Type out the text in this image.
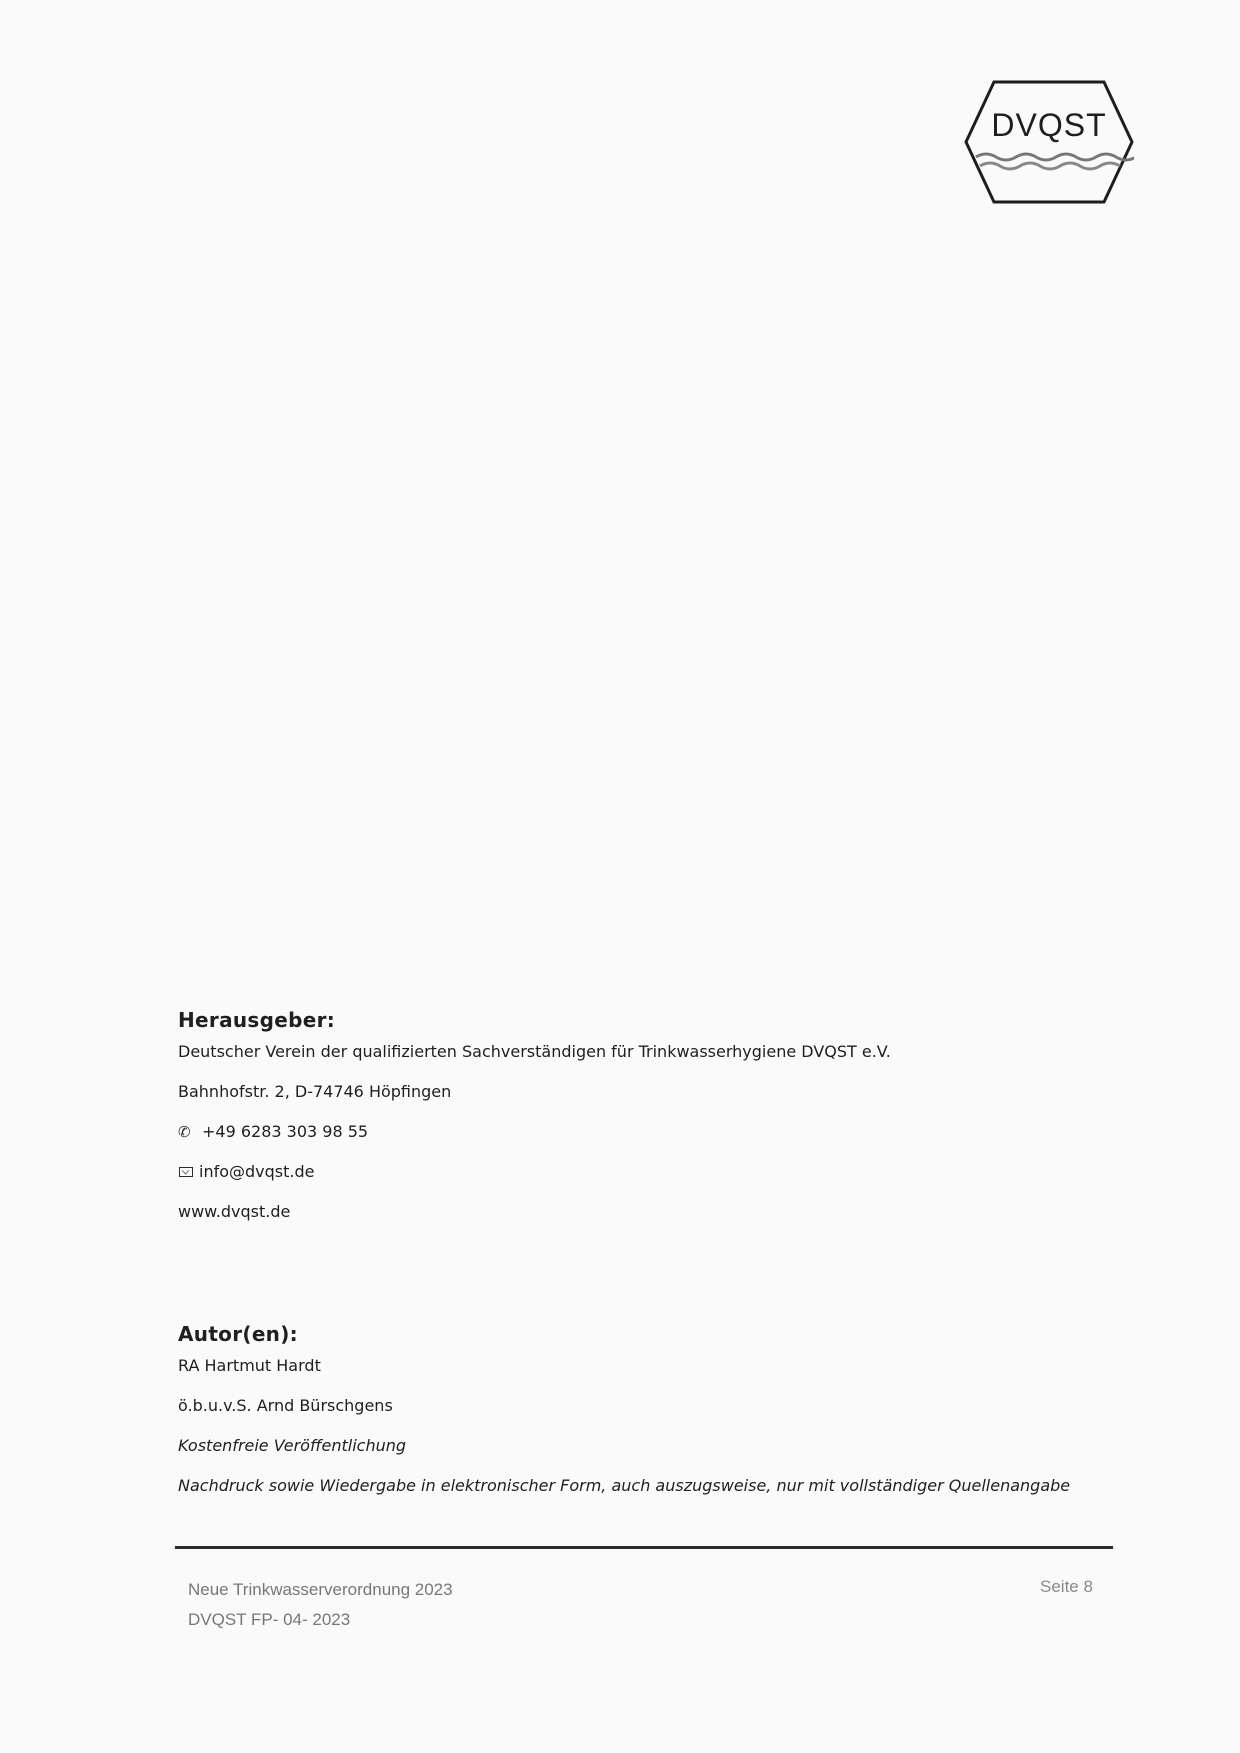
DVQST
Herausgeber:
Deutscher Verein der qualifizierten Sachverständigen für Trinkwasserhygiene DVQST e.V.
Bahnhofstr. 2, D-74746 Höpfingen
✆ +49 6283 303 98 55
info@dvqst.de
www.dvqst.de
Autor(en):
RA Hartmut Hardt
ö.b.u.v.S. Arnd Bürschgens
Kostenfreie Veröffentlichung
Nachdruck sowie Wiedergabe in elektronischer Form, auch auszugsweise, nur mit vollständiger Quellenangabe
Neue Trinkwasserverordnung 2023
DVQST FP- 04- 2023
Seite 8
